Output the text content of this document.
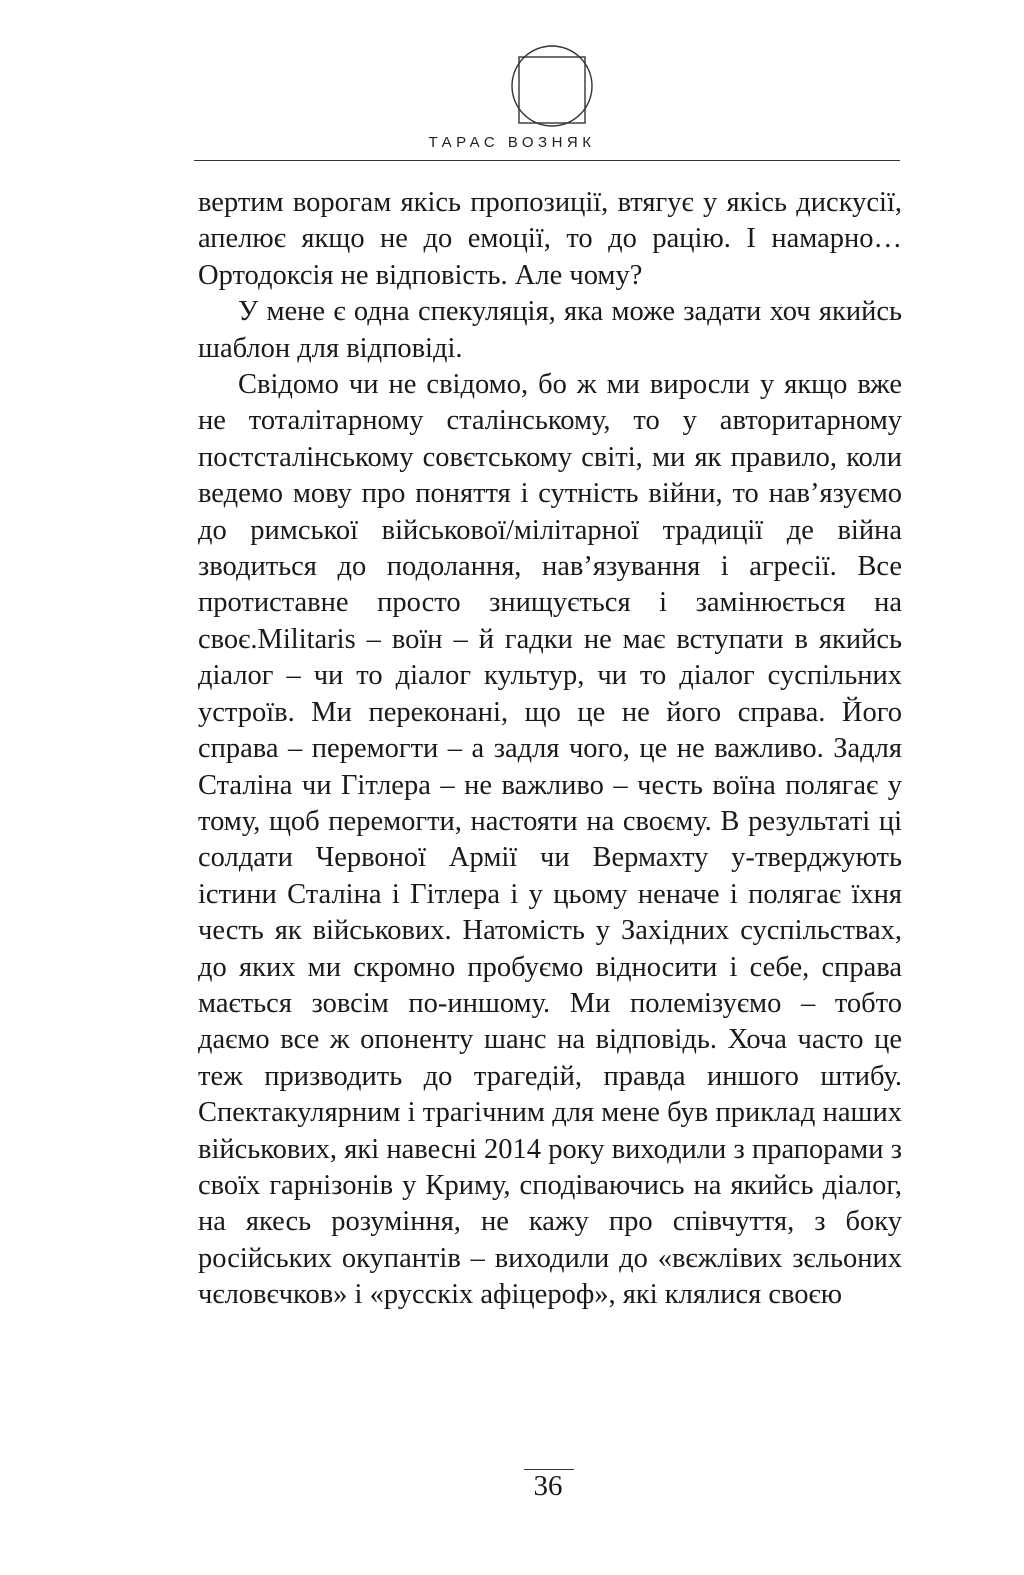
ТАРАС ВОЗНЯК

вертим ворогам якісь пропозиції, втягує у якісь дискусії, апелює якщо не до емоції, то до рацію. І намарно… Ортодоксія не відповість. Але чому?

У мене є одна спекуляція, яка може задати хоч якийсь шаблон для відповіді.

Свідомо чи не свідомо, бо ж ми виросли у якщо вже не тоталітарному сталінському, то у авторитарному постсталінському совєтському світі, ми як правило, коли ведемо мову про поняття і сутність війни, то нав’язуємо до римської військової/мілітарної традиції де війна зводиться до подолання, нав’язування і агресії. Все протиставне просто знищується і замінюється на своє.Militaris – воїн – й гадки не має вступати в якийсь діалог – чи то діалог культур, чи то діалог суспільних устроїв. Ми переконані, що це не його справа. Його справа – перемогти – а задля чого, це не важливо. Задля Сталіна чи Гітлера – не важливо – честь воїна полягає у тому, щоб перемогти, настояти на своєму. В результаті ці солдати Червоної Армії чи Вермахту у-тверджують істини Сталіна і Гітлера і у цьому неначе і полягає їхня честь як військових. Натомість у Західних суспільствах, до яких ми скромно пробуємо відносити і себе, справа мається зовсім по-иншому. Ми полемізуємо – тобто даємо все ж опоненту шанс на відповідь. Хоча часто це теж призводить до трагедій, правда иншого штибу. Спектакулярним і трагічним для мене був приклад наших військових, які навесні 2014 року виходили з прапорами з своїх гарнізонів у Криму, сподіваючись на якийсь діалог, на якесь розуміння, не кажу про співчуття, з боку російських окупантів – виходили до «вєжлівих зєльоних чєловєчков» і «русскіх афіцероф», які клялися своєю

36
